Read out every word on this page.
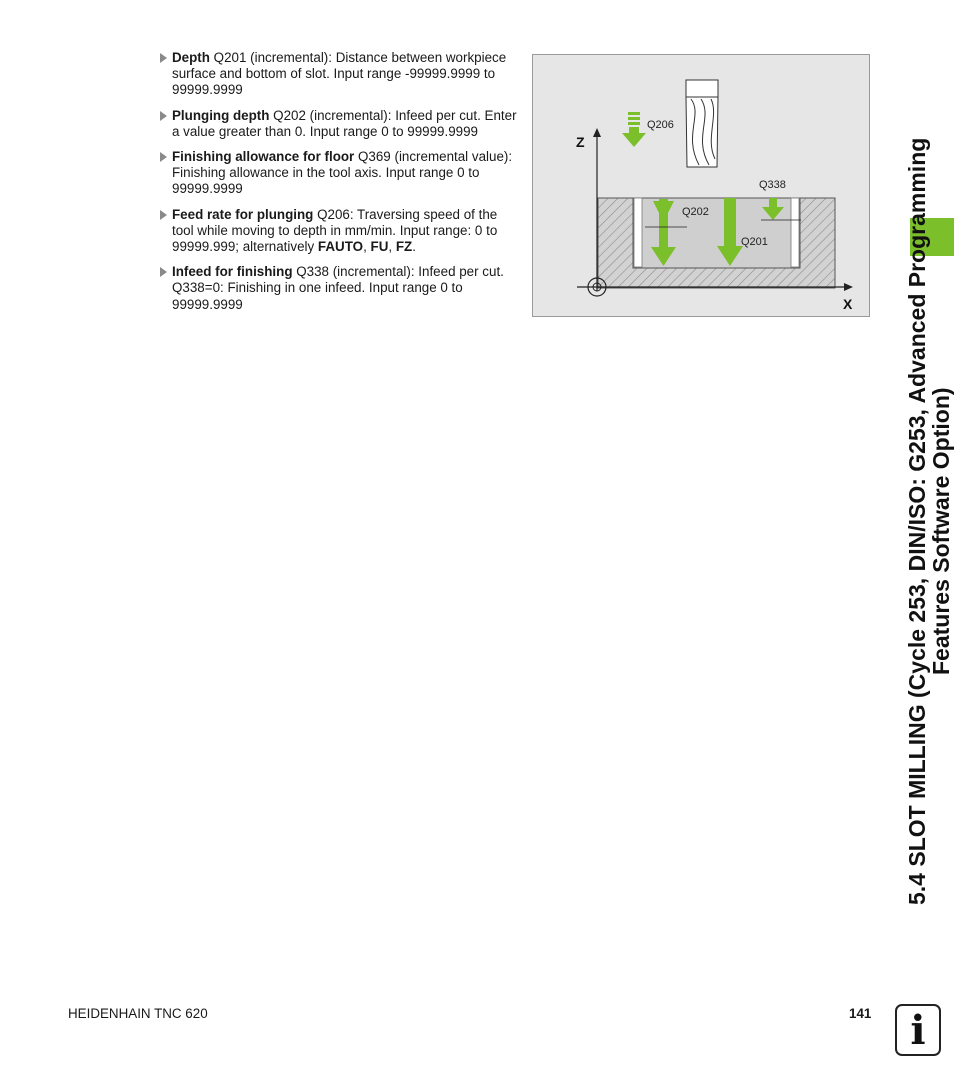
Depth Q201 (incremental): Distance between workpiece surface and bottom of slot. Input range -99999.9999 to 99999.9999
Plunging depth Q202 (incremental): Infeed per cut. Enter a value greater than 0. Input range 0 to 99999.9999
Finishing allowance for floor Q369 (incremental value): Finishing allowance in the tool axis. Input range 0 to 99999.9999
Feed rate for plunging Q206: Traversing speed of the tool while moving to depth in mm/min. Input range: 0 to 99999.999; alternatively FAUTO, FU, FZ.
Infeed for finishing Q338 (incremental): Infeed per cut. Q338=0: Finishing in one infeed. Input range 0 to 99999.9999
Z
X
Q206
Q202
Q201
Q338	5.4 SLOT MILLING (Cycle 253, DIN/ISO: G253, Advanced Programming
Features Software Option)
HEIDENHAIN TNC 620	141 i
